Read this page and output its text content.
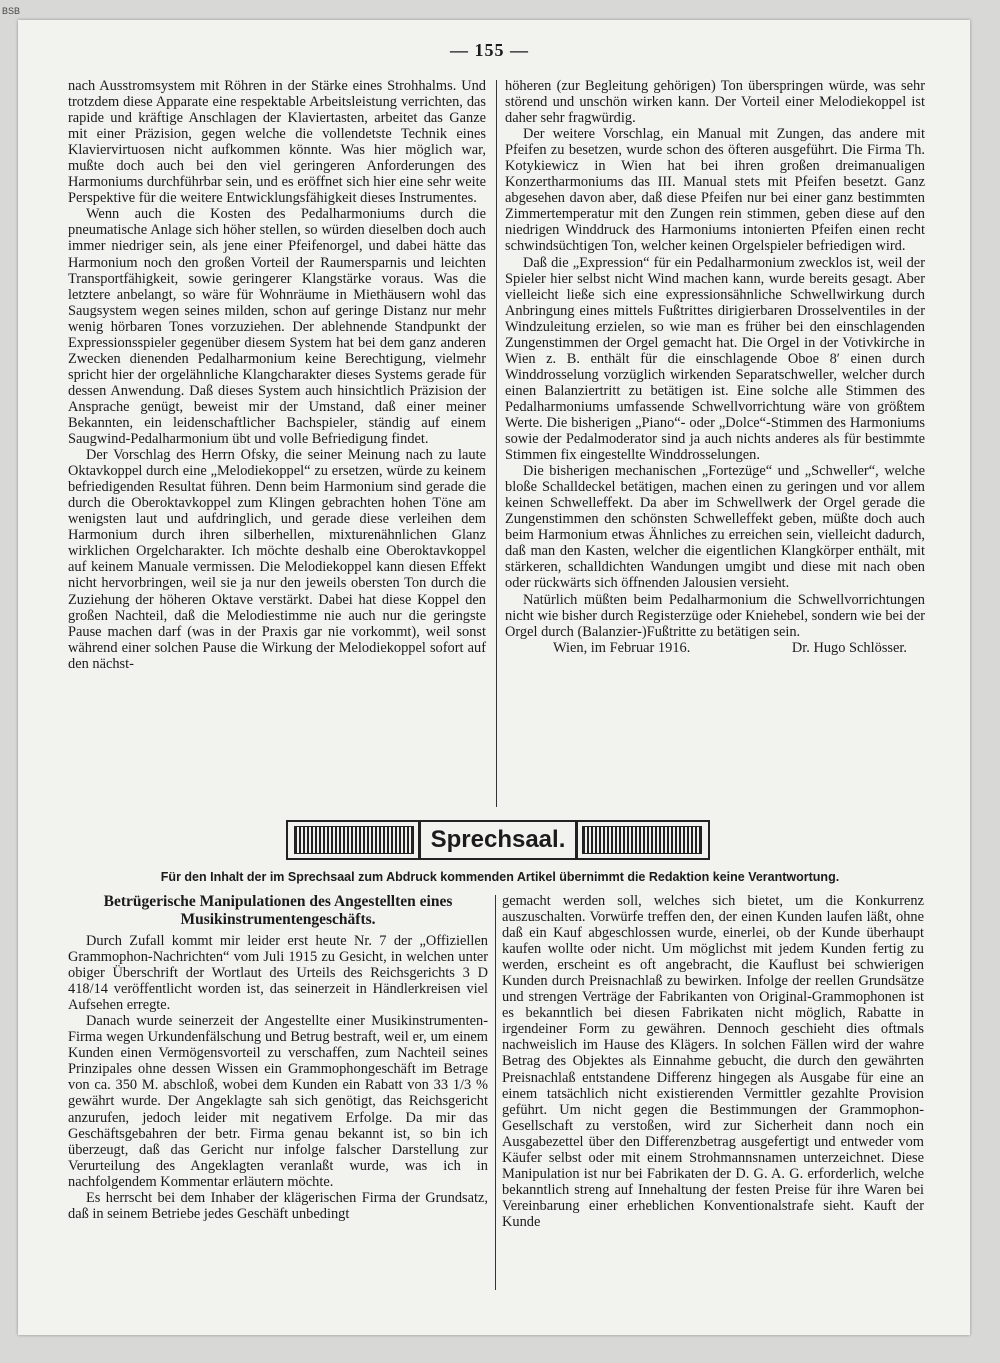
BSB
— 155 —

nach Ausstromsystem mit Röhren in der Stärke eines Strohhalms. Und trotzdem diese Apparate eine respektable Arbeitsleistung verrichten, das rapide und kräftige Anschlagen der Klaviertasten, arbeitet das Ganze mit einer Präzision, gegen welche die vollendetste Technik eines Klaviervirtuosen nicht aufkommen könnte. Was hier möglich war, mußte doch auch bei den viel geringeren Anforderungen des Harmoniums durchführbar sein, und es eröffnet sich hier eine sehr weite Perspektive für die weitere Entwicklungsfähigkeit dieses Instrumentes.

Wenn auch die Kosten des Pedalharmoniums durch die pneumatische Anlage sich höher stellen, so würden dieselben doch auch immer niedriger sein, als jene einer Pfeifenorgel, und dabei hätte das Harmonium noch den großen Vorteil der Raumersparnis und leichten Transportfähigkeit, sowie geringerer Klangstärke voraus. Was die letztere anbelangt, so wäre für Wohnräume in Miethäusern wohl das Saugsystem wegen seines milden, schon auf geringe Distanz nur mehr wenig hörbaren Tones vorzuziehen. Der ablehnende Standpunkt der Expressionsspieler gegenüber diesem System hat bei dem ganz anderen Zwecken dienenden Pedalharmonium keine Berechtigung, vielmehr spricht hier der orgelähnliche Klangcharakter dieses Systems gerade für dessen Anwendung. Daß dieses System auch hinsichtlich Präzision der Ansprache genügt, beweist mir der Umstand, daß einer meiner Bekannten, ein leidenschaftlicher Bachspieler, ständig auf einem Saugwind-Pedalharmonium übt und volle Befriedigung findet.

Der Vorschlag des Herrn Ofsky, die seiner Meinung nach zu laute Oktavkoppel durch eine „Melodiekoppel“ zu ersetzen, würde zu keinem befriedigenden Resultat führen. Denn beim Harmonium sind gerade die durch die Oberoktavkoppel zum Klingen gebrachten hohen Töne am wenigsten laut und aufdringlich, und gerade diese verleihen dem Harmonium durch ihren silberhellen, mixturenähnlichen Glanz wirklichen Orgelcharakter. Ich möchte deshalb eine Oberoktavkoppel auf keinem Manuale vermissen. Die Melodiekoppel kann diesen Effekt nicht hervorbringen, weil sie ja nur den jeweils obersten Ton durch die Zuziehung der höheren Oktave verstärkt. Dabei hat diese Koppel den großen Nachteil, daß die Melodiestimme nie auch nur die geringste Pause machen darf (was in der Praxis gar nie vorkommt), weil sonst während einer solchen Pause die Wirkung der Melodiekoppel sofort auf den nächst-

höheren (zur Begleitung gehörigen) Ton überspringen würde, was sehr störend und unschön wirken kann. Der Vorteil einer Melodiekoppel ist daher sehr fragwürdig.

Der weitere Vorschlag, ein Manual mit Zungen, das andere mit Pfeifen zu besetzen, wurde schon des öfteren ausgeführt. Die Firma Th. Kotykiewicz in Wien hat bei ihren großen dreimanualigen Konzertharmoniums das III. Manual stets mit Pfeifen besetzt. Ganz abgesehen davon aber, daß diese Pfeifen nur bei einer ganz bestimmten Zimmertemperatur mit den Zungen rein stimmen, geben diese auf den niedrigen Winddruck des Harmoniums intonierten Pfeifen einen recht schwindsüchtigen Ton, welcher keinen Orgelspieler befriedigen wird.

Daß die „Expression“ für ein Pedalharmonium zwecklos ist, weil der Spieler hier selbst nicht Wind machen kann, wurde bereits gesagt. Aber vielleicht ließe sich eine expressionsähnliche Schwellwirkung durch Anbringung eines mittels Fußtrittes dirigierbaren Drosselventiles in der Windzuleitung erzielen, so wie man es früher bei den einschlagenden Zungenstimmen der Orgel gemacht hat. Die Orgel in der Votivkirche in Wien z. B. enthält für die einschlagende Oboe 8′ einen durch Winddrosselung vorzüglich wirkenden Separatschweller, welcher durch einen Balanziertritt zu betätigen ist. Eine solche alle Stimmen des Pedalharmoniums umfassende Schwellvorrichtung wäre von größtem Werte. Die bisherigen „Piano“- oder „Dolce“-Stimmen des Harmoniums sowie der Pedalmoderator sind ja auch nichts anderes als für bestimmte Stimmen fix eingestellte Winddrosselungen.

Die bisherigen mechanischen „Fortezüge“ und „Schweller“, welche bloße Schalldeckel betätigen, machen einen zu geringen und vor allem keinen Schwelleffekt. Da aber im Schwellwerk der Orgel gerade die Zungenstimmen den schönsten Schwelleffekt geben, müßte doch auch beim Harmonium etwas Ähnliches zu erreichen sein, vielleicht dadurch, daß man den Kasten, welcher die eigentlichen Klangkörper enthält, mit stärkeren, schalldichten Wandungen umgibt und diese mit nach oben oder rückwärts sich öffnenden Jalousien versieht.

Natürlich müßten beim Pedalharmonium die Schwellvorrichtungen nicht wie bisher durch Registerzüge oder Kniehebel, sondern wie bei der Orgel durch (Balanzier-)Fußtritte zu betätigen sein.

Wien, im Februar 1916.	Dr. Hugo Schlösser.

Sprechsaal.
Für den Inhalt der im Sprechsaal zum Abdruck kommenden Artikel übernimmt die Redaktion keine Verantwortung.
Betrügerische Manipulationen des Angestellten eines Musikinstrumentengeschäfts.

Durch Zufall kommt mir leider erst heute Nr. 7 der „Offiziellen Grammophon-Nachrichten“ vom Juli 1915 zu Gesicht, in welchen unter obiger Überschrift der Wortlaut des Urteils des Reichsgerichts 3 D 418/14 veröffentlicht worden ist, das seinerzeit in Händlerkreisen viel Aufsehen erregte.

Danach wurde seinerzeit der Angestellte einer Musikinstrumenten-Firma wegen Urkundenfälschung und Betrug bestraft, weil er, um einem Kunden einen Vermögensvorteil zu verschaffen, zum Nachteil seines Prinzipales ohne dessen Wissen ein Grammophongeschäft im Betrage von ca. 350 M. abschloß, wobei dem Kunden ein Rabatt von 33 1/3 % gewährt wurde. Der Angeklagte sah sich genötigt, das Reichsgericht anzurufen, jedoch leider mit negativem Erfolge. Da mir das Geschäftsgebahren der betr. Firma genau bekannt ist, so bin ich überzeugt, daß das Gericht nur infolge falscher Darstellung zur Verurteilung des Angeklagten veranlaßt wurde, was ich in nachfolgendem Kommentar erläutern möchte.

Es herrscht bei dem Inhaber der klägerischen Firma der Grundsatz, daß in seinem Betriebe jedes Geschäft unbedingt

gemacht werden soll, welches sich bietet, um die Konkurrenz auszuschalten. Vorwürfe treffen den, der einen Kunden laufen läßt, ohne daß ein Kauf abgeschlossen wurde, einerlei, ob der Kunde überhaupt kaufen wollte oder nicht. Um möglichst mit jedem Kunden fertig zu werden, erscheint es oft angebracht, die Kauflust bei schwierigen Kunden durch Preisnachlaß zu bewirken. Infolge der reellen Grundsätze und strengen Verträge der Fabrikanten von Original-Grammophonen ist es bekanntlich bei diesen Fabrikaten nicht möglich, Rabatte in irgendeiner Form zu gewähren. Dennoch geschieht dies oftmals nachweislich im Hause des Klägers. In solchen Fällen wird der wahre Betrag des Objektes als Einnahme gebucht, die durch den gewährten Preisnachlaß entstandene Differenz hingegen als Ausgabe für eine an einem tatsächlich nicht existierenden Vermittler gezahlte Provision geführt. Um nicht gegen die Bestimmungen der Grammophon-Gesellschaft zu verstoßen, wird zur Sicherheit dann noch ein Ausgabezettel über den Differenzbetrag ausgefertigt und entweder vom Käufer selbst oder mit einem Strohmannsnamen unterzeichnet. Diese Manipulation ist nur bei Fabrikaten der D. G. A. G. erforderlich, welche bekanntlich streng auf Innehaltung der festen Preise für ihre Waren bei Vereinbarung einer erheblichen Konventionalstrafe sieht. Kauft der Kunde
